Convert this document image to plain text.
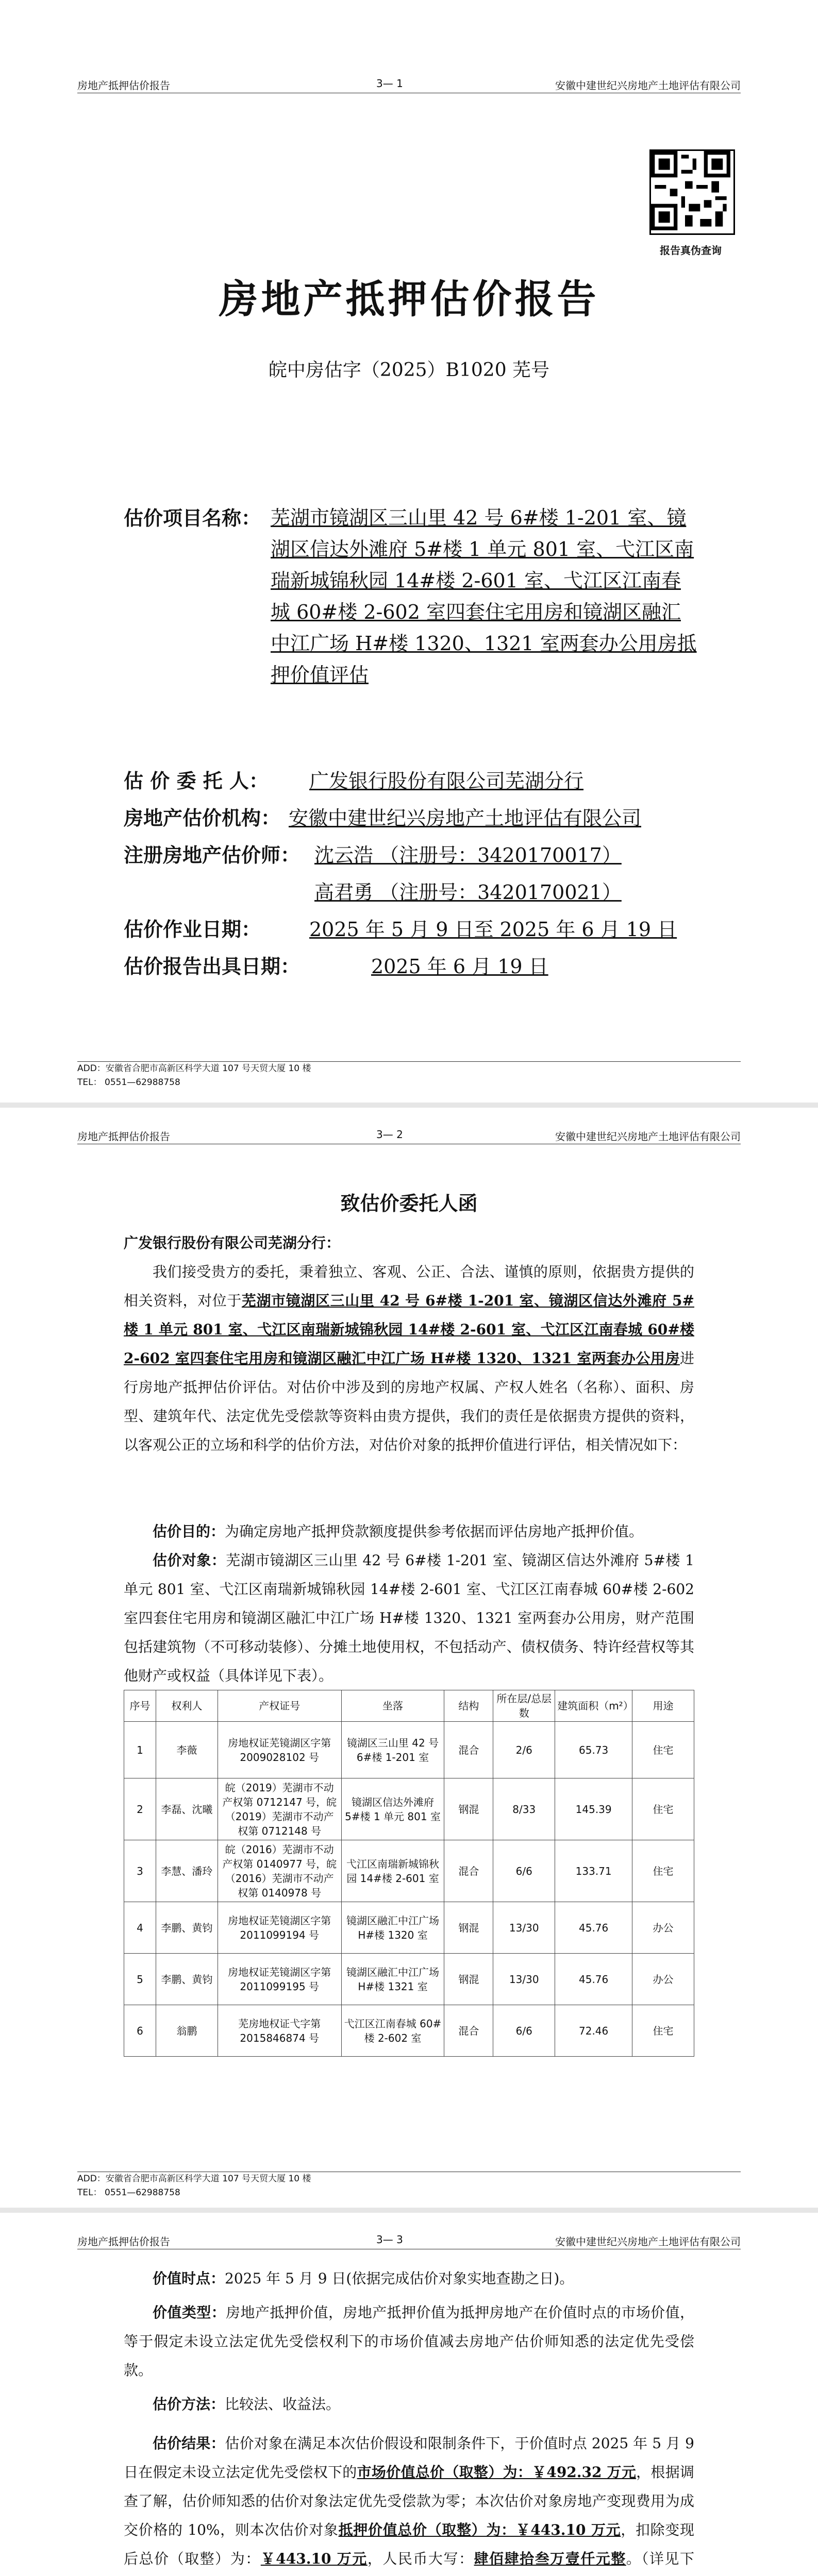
房地产抵押估价报告	3— 1	安徽中建世纪兴房地产土地评估有限公司
报告真伪查询
房地产抵押估价报告
皖中房估字（2025）B1020 芜号
估价项目名称： 芜湖市镜湖区三山里 42 号 6#楼 1-201 室、镜
湖区信达外滩府 5#楼 1 单元 801 室、弋江区南
瑞新城锦秋园 14#楼 2-601 室、弋江区江南春
城 60#楼 2-602 室四套住宅用房和镜湖区融汇
中江广场 H#楼 1320、1321 室两套办公用房抵
押价值评估
估 价 委 托 人： 广发银行股份有限公司芜湖分行
房地产估价机构： 安徽中建世纪兴房地产土地评估有限公司
注册房地产估价师： 沈云浩 （注册号：3420170017）
高君勇 （注册号：3420170021）
估价作业日期： 2025 年 5 月 9 日至 2025 年 6 月 19 日
估价报告出具日期：	2025 年 6 月 19 日
ADD：安徽省合肥市高新区科学大道 107 号天贸大厦 10 楼
TEL： 0551—62988758
房地产抵押估价报告	3— 2	安徽中建世纪兴房地产土地评估有限公司
致估价委托人函
广发银行股份有限公司芜湖分行：
我们接受贵方的委托，秉着独立、客观、公正、合法、谨慎的原则，依据贵方提供的相关资料，对位于芜湖市镜湖区三山里 42 号 6#楼 1-201 室、镜湖区信达外滩府 5#楼 1 单元 801 室、弋江区南瑞新城锦秋园 14#楼 2-601 室、弋江区江南春城 60#楼 2-602 室四套住宅用房和镜湖区融汇中江广场 H#楼 1320、1321 室两套办公用房进行房地产抵押估价评估。对估价中涉及到的房地产权属、产权人姓名（名称）、面积、房型、建筑年代、法定优先受偿款等资料由贵方提供，我们的责任是依据贵方提供的资料，以客观公正的立场和科学的估价方法，对估价对象的抵押价值进行评估，相关情况如下：
估价目的：为确定房地产抵押贷款额度提供参考依据而评估房地产抵押价值。
估价对象：芜湖市镜湖区三山里 42 号 6#楼 1-201 室、镜湖区信达外滩府 5#楼 1 单元 801 室、弋江区南瑞新城锦秋园 14#楼 2-601 室、弋江区江南春城 60#楼 2-602 室四套住宅用房和镜湖区融汇中江广场 H#楼 1320、1321 室两套办公用房，财产范围包括建筑物（不可移动装修）、分摊土地使用权，不包括动产、债权债务、特许经营权等其他财产或权益（具体详见下表）。
序号	权利人	产权证号	坐落	结构	所在层/总层数	建筑面积（m²）	用途
1	李薇	房地权证芜镜湖区字第 2009028102 号	镜湖区三山里 42 号 6#楼 1-201 室	混合	2/6	65.73	住宅
2	李磊、沈曦	皖（2019）芜湖市不动产权第 0712147 号，皖（2019）芜湖市不动产权第 0712148 号	镜湖区信达外滩府 5#楼 1 单元 801 室	钢混	8/33	145.39	住宅
3	李慧、潘玲	皖（2016）芜湖市不动产权第 0140977 号，皖（2016）芜湖市不动产权第 0140978 号	弋江区南瑞新城锦秋园 14#楼 2-601 室	混合	6/6	133.71	住宅
4	李鹏、黄钧	房地权证芜镜湖区字第 2011099194 号	镜湖区融汇中江广场 H#楼 1320 室	钢混	13/30	45.76	办公
5	李鹏、黄钧	房地权证芜镜湖区字第 2011099195 号	镜湖区融汇中江广场 H#楼 1321 室	钢混	13/30	45.76	办公
6	翁鹏	芜房地权证弋字第 2015846874 号	弋江区江南春城 60#楼 2-602 室	混合	6/6	72.46	住宅
ADD：安徽省合肥市高新区科学大道 107 号天贸大厦 10 楼
TEL： 0551—62988758
房地产抵押估价报告	3— 3	安徽中建世纪兴房地产土地评估有限公司
价值时点：2025 年 5 月 9 日(依据完成估价对象实地查勘之日)。
价值类型：房地产抵押价值，房地产抵押价值为抵押房地产在价值时点的市场价值，等于假定未设立法定优先受偿权利下的市场价值减去房地产估价师知悉的法定优先受偿款。
估价方法：比较法、收益法。
估价结果：估价对象在满足本次估价假设和限制条件下，于价值时点 2025 年 5 月 9 日在假定未设立法定优先受偿权下的市场价值总价（取整）为：￥492.32 万元，根据调查了解，估价师知悉的估价对象法定优先受偿款为零；本次估价对象房地产变现费用为成交价格的 10%，则本次估价对象抵押价值总价（取整）为：￥443.10 万元，扣除变现后总价（取整）为：￥443.10 万元，人民币大写：肆佰肆拾叁万壹仟元整。（详见下
